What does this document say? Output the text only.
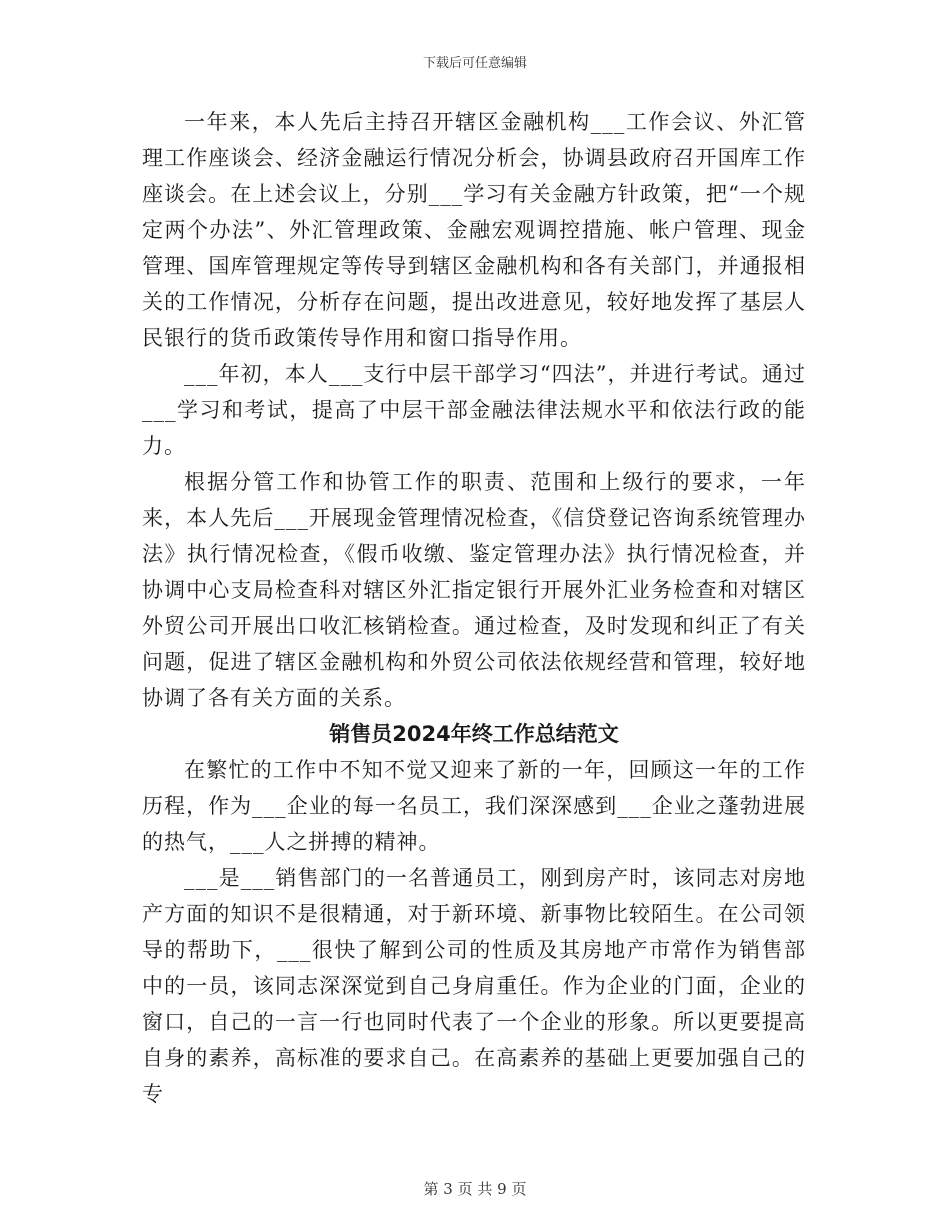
下载后可任意编辑

一年来，本人先后主持召开辖区金融机构___工作会议、外汇管理工作座谈会、经济金融运行情况分析会，协调县政府召开国库工作座谈会。在上述会议上，分别___学习有关金融方针政策，把“一个规定两个办法”、外汇管理政策、金融宏观调控措施、帐户管理、现金管理、国库管理规定等传导到辖区金融机构和各有关部门，并通报相关的工作情况，分析存在问题，提出改进意见，较好地发挥了基层人民银行的货币政策传导作用和窗口指导作用。

___年初，本人___支行中层干部学习“四法”，并进行考试。通过___学习和考试，提高了中层干部金融法律法规水平和依法行政的能力。

根据分管工作和协管工作的职责、范围和上级行的要求，一年来，本人先后___开展现金管理情况检查，《信贷登记咨询系统管理办法》执行情况检查，《假币收缴、鉴定管理办法》执行情况检查，并协调中心支局检查科对辖区外汇指定银行开展外汇业务检查和对辖区外贸公司开展出口收汇核销检查。通过检查，及时发现和纠正了有关问题，促进了辖区金融机构和外贸公司依法依规经营和管理，较好地协调了各有关方面的关系。

销售员2024年终工作总结范文

在繁忙的工作中不知不觉又迎来了新的一年，回顾这一年的工作历程，作为___企业的每一名员工，我们深深感到___企业之蓬勃进展的热气，___人之拼搏的精神。

___是___销售部门的一名普通员工，刚到房产时，该同志对房地产方面的知识不是很精通，对于新环境、新事物比较陌生。在公司领导的帮助下，___很快了解到公司的性质及其房地产市常作为销售部中的一员，该同志深深觉到自己身肩重任。作为企业的门面，企业的窗口，自己的一言一行也同时代表了一个企业的形象。所以更要提高自身的素养，高标准的要求自己。在高素养的基础上更要加强自己的专

第 3 页 共 9 页
